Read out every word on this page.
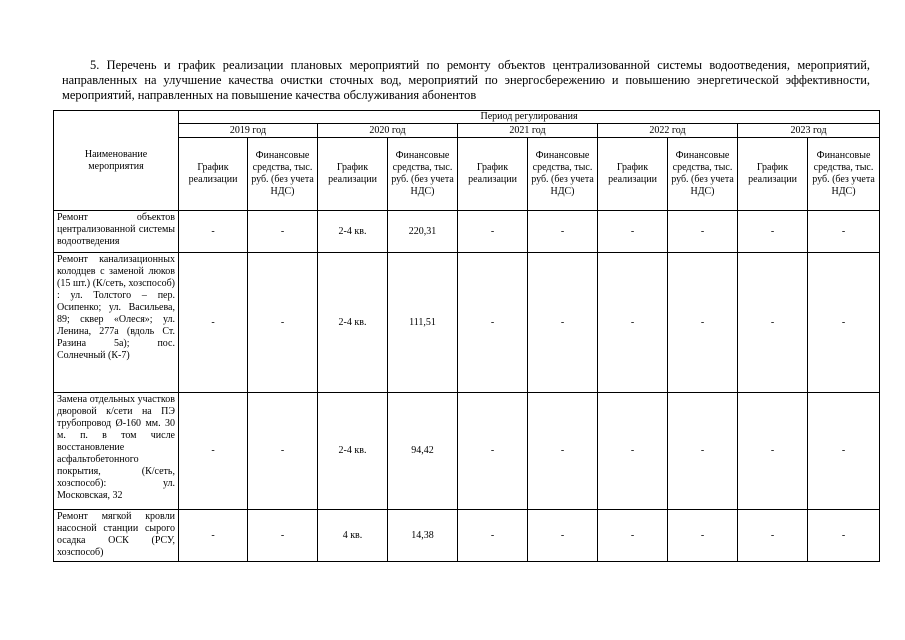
5. Перечень и график реализации плановых мероприятий по ремонту объектов централизованной системы водоотведения, мероприятий, направленных на улучшение качества очистки сточных вод, мероприятий по энергосбережению и повышению энергетической эффективности, мероприятий, направленных на повышение качества обслуживания абонентов
Наименование мероприятия	Период регулирования									
	2019 год		2020 год		2021 год		2022 год		2023 год	
	График реализации	Финансовые средства, тыс. руб. (без учета НДС)	График реализации	Финансовые средства, тыс. руб. (без учета НДС)	График реализации	Финансовые средства, тыс. руб. (без учета НДС)	График реализации	Финансовые средства, тыс. руб. (без учета НДС)	График реализации	Финансовые средства, тыс. руб. (без учета НДС)
Ремонт объектов централизованной системы водоотведения	-	-	2-4 кв.	220,31	-	-	-	-	-	-
Ремонт канализационных колодцев с заменой люков (15 шт.) (К/сеть, хозспособ) : ул. Толстого – пер. Осипенко; ул. Васильева, 89; сквер «Олеся»; ул. Ленина, 277а (вдоль Ст. Разина 5а); пос. Солнечный (К-7)	-	-	2-4 кв.	111,51	-	-	-	-	-	-
Замена отдельных участков дворовой к/сети на ПЭ трубопровод Ø-160 мм. 30 м. п. в том числе восстановление асфальтобетонного покрытия, (К/сеть, хозспособ): ул. Московская, 32	-	-	2-4 кв.	94,42	-	-	-	-	-	-
Ремонт мягкой кровли насосной станции сырого осадка ОСК (РСУ, хозспособ)	-	-	4 кв.	14,38	-	-	-	-	-	-
